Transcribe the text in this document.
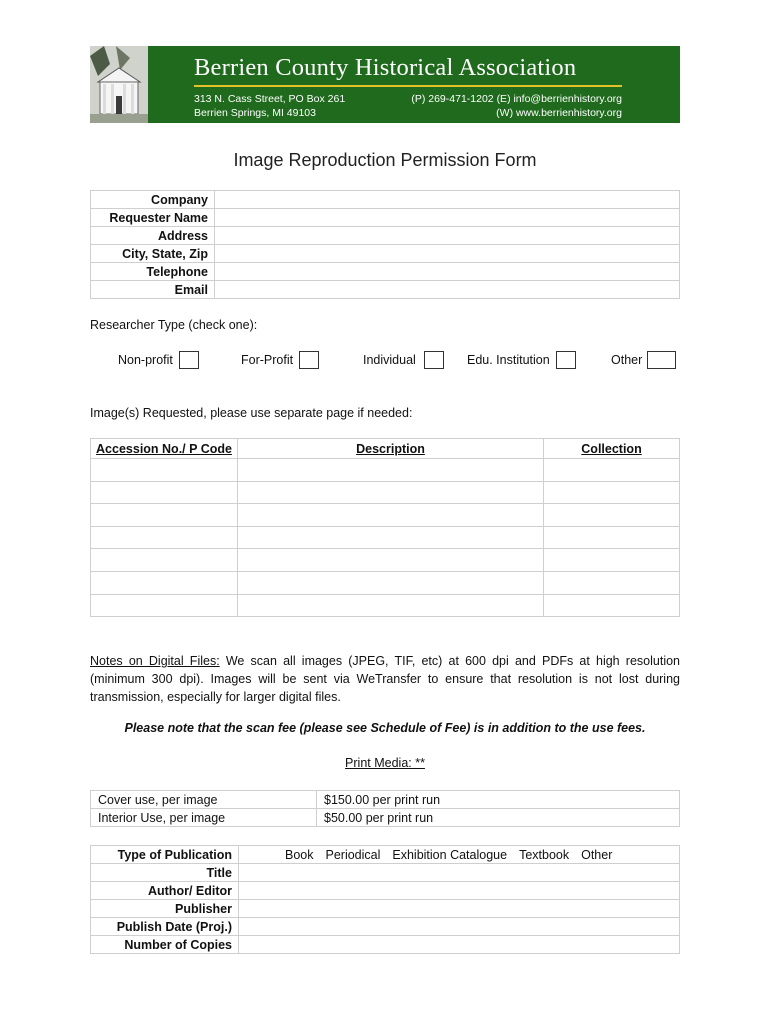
Berrien County Historical Association
313 N. Cass Street, PO Box 261
Berrien Springs, MI 49103
(P) 269-471-1202 (E) info@berrienhistory.org
(W) www.berrienhistory.org
Image Reproduction Permission Form
Company	
Requester Name	
Address	
City, State, Zip	
Telephone	
Email	
Researcher Type (check one):
Non-profit	For-Profit	Individual	Edu. Institution	Other
Image(s) Requested, please use separate page if needed:
Accession No./ P Code	Description	Collection

Notes on Digital Files: We scan all images (JPEG, TIF, etc) at 600 dpi and PDFs at high resolution (minimum 300 dpi). Images will be sent via WeTransfer to ensure that resolution is not lost during transmission, especially for larger digital files.
Please note that the scan fee (please see Schedule of Fee) is in addition to the use fees.
Print Media: **
Cover use, per image	$150.00 per print run
Interior Use, per image	$50.00 per print run
Type of Publication	Book Periodical Exhibition Catalogue Textbook Other

Title	
Author/ Editor	
Publisher	
Publish Date (Proj.)	
Number of Copies	
